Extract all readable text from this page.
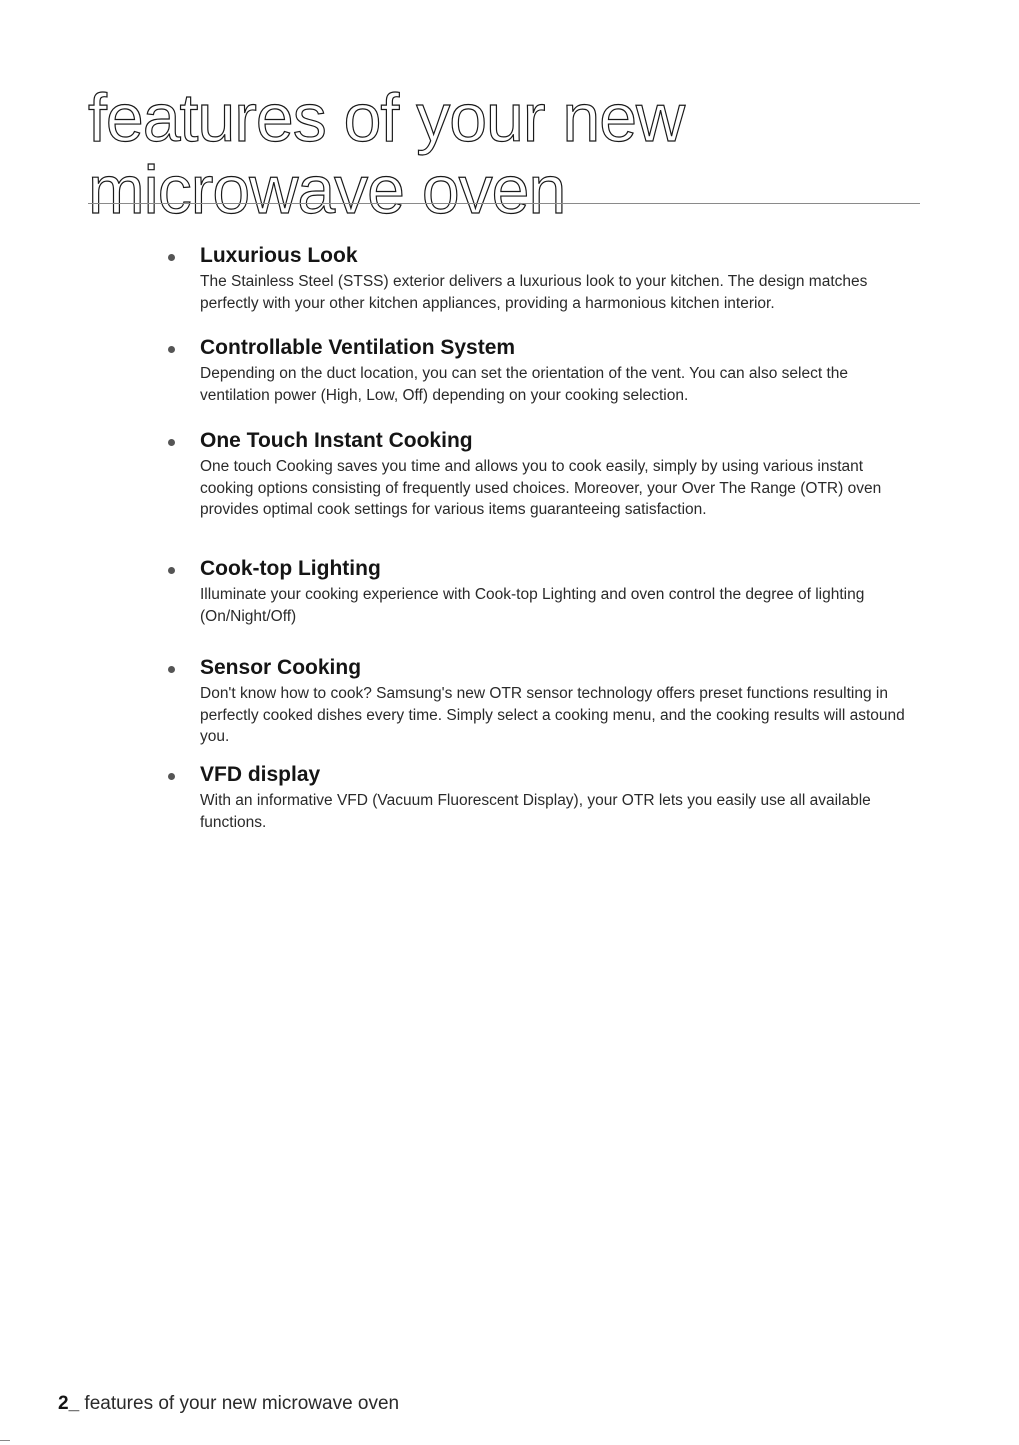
features of your new
microwave oven
Luxurious Look

The Stainless Steel (STSS) exterior delivers a luxurious look to your kitchen. The design matches perfectly with your other kitchen appliances, providing a harmonious kitchen interior.

Controllable Ventilation System

Depending on the duct location, you can set the orientation of the vent. You can also select the ventilation power (High, Low, Off) depending on your cooking selection.

One Touch Instant Cooking

One touch Cooking saves you time and allows you to cook easily, simply by using various instant cooking options consisting of frequently used choices. Moreover, your Over The Range (OTR) oven provides optimal cook settings for various items guaranteeing satisfaction.

Cook-top Lighting

Illuminate your cooking experience with Cook-top Lighting and oven control the degree of lighting (On/Night/Off)

Sensor Cooking

Don't know how to cook? Samsung's new OTR sensor technology offers preset functions resulting in perfectly cooked dishes every time. Simply select a cooking menu, and the cooking results will astound you.

VFD display

With an informative VFD (Vacuum Fluorescent Display), your OTR lets you easily use all available functions.

2_ features of your new microwave oven
